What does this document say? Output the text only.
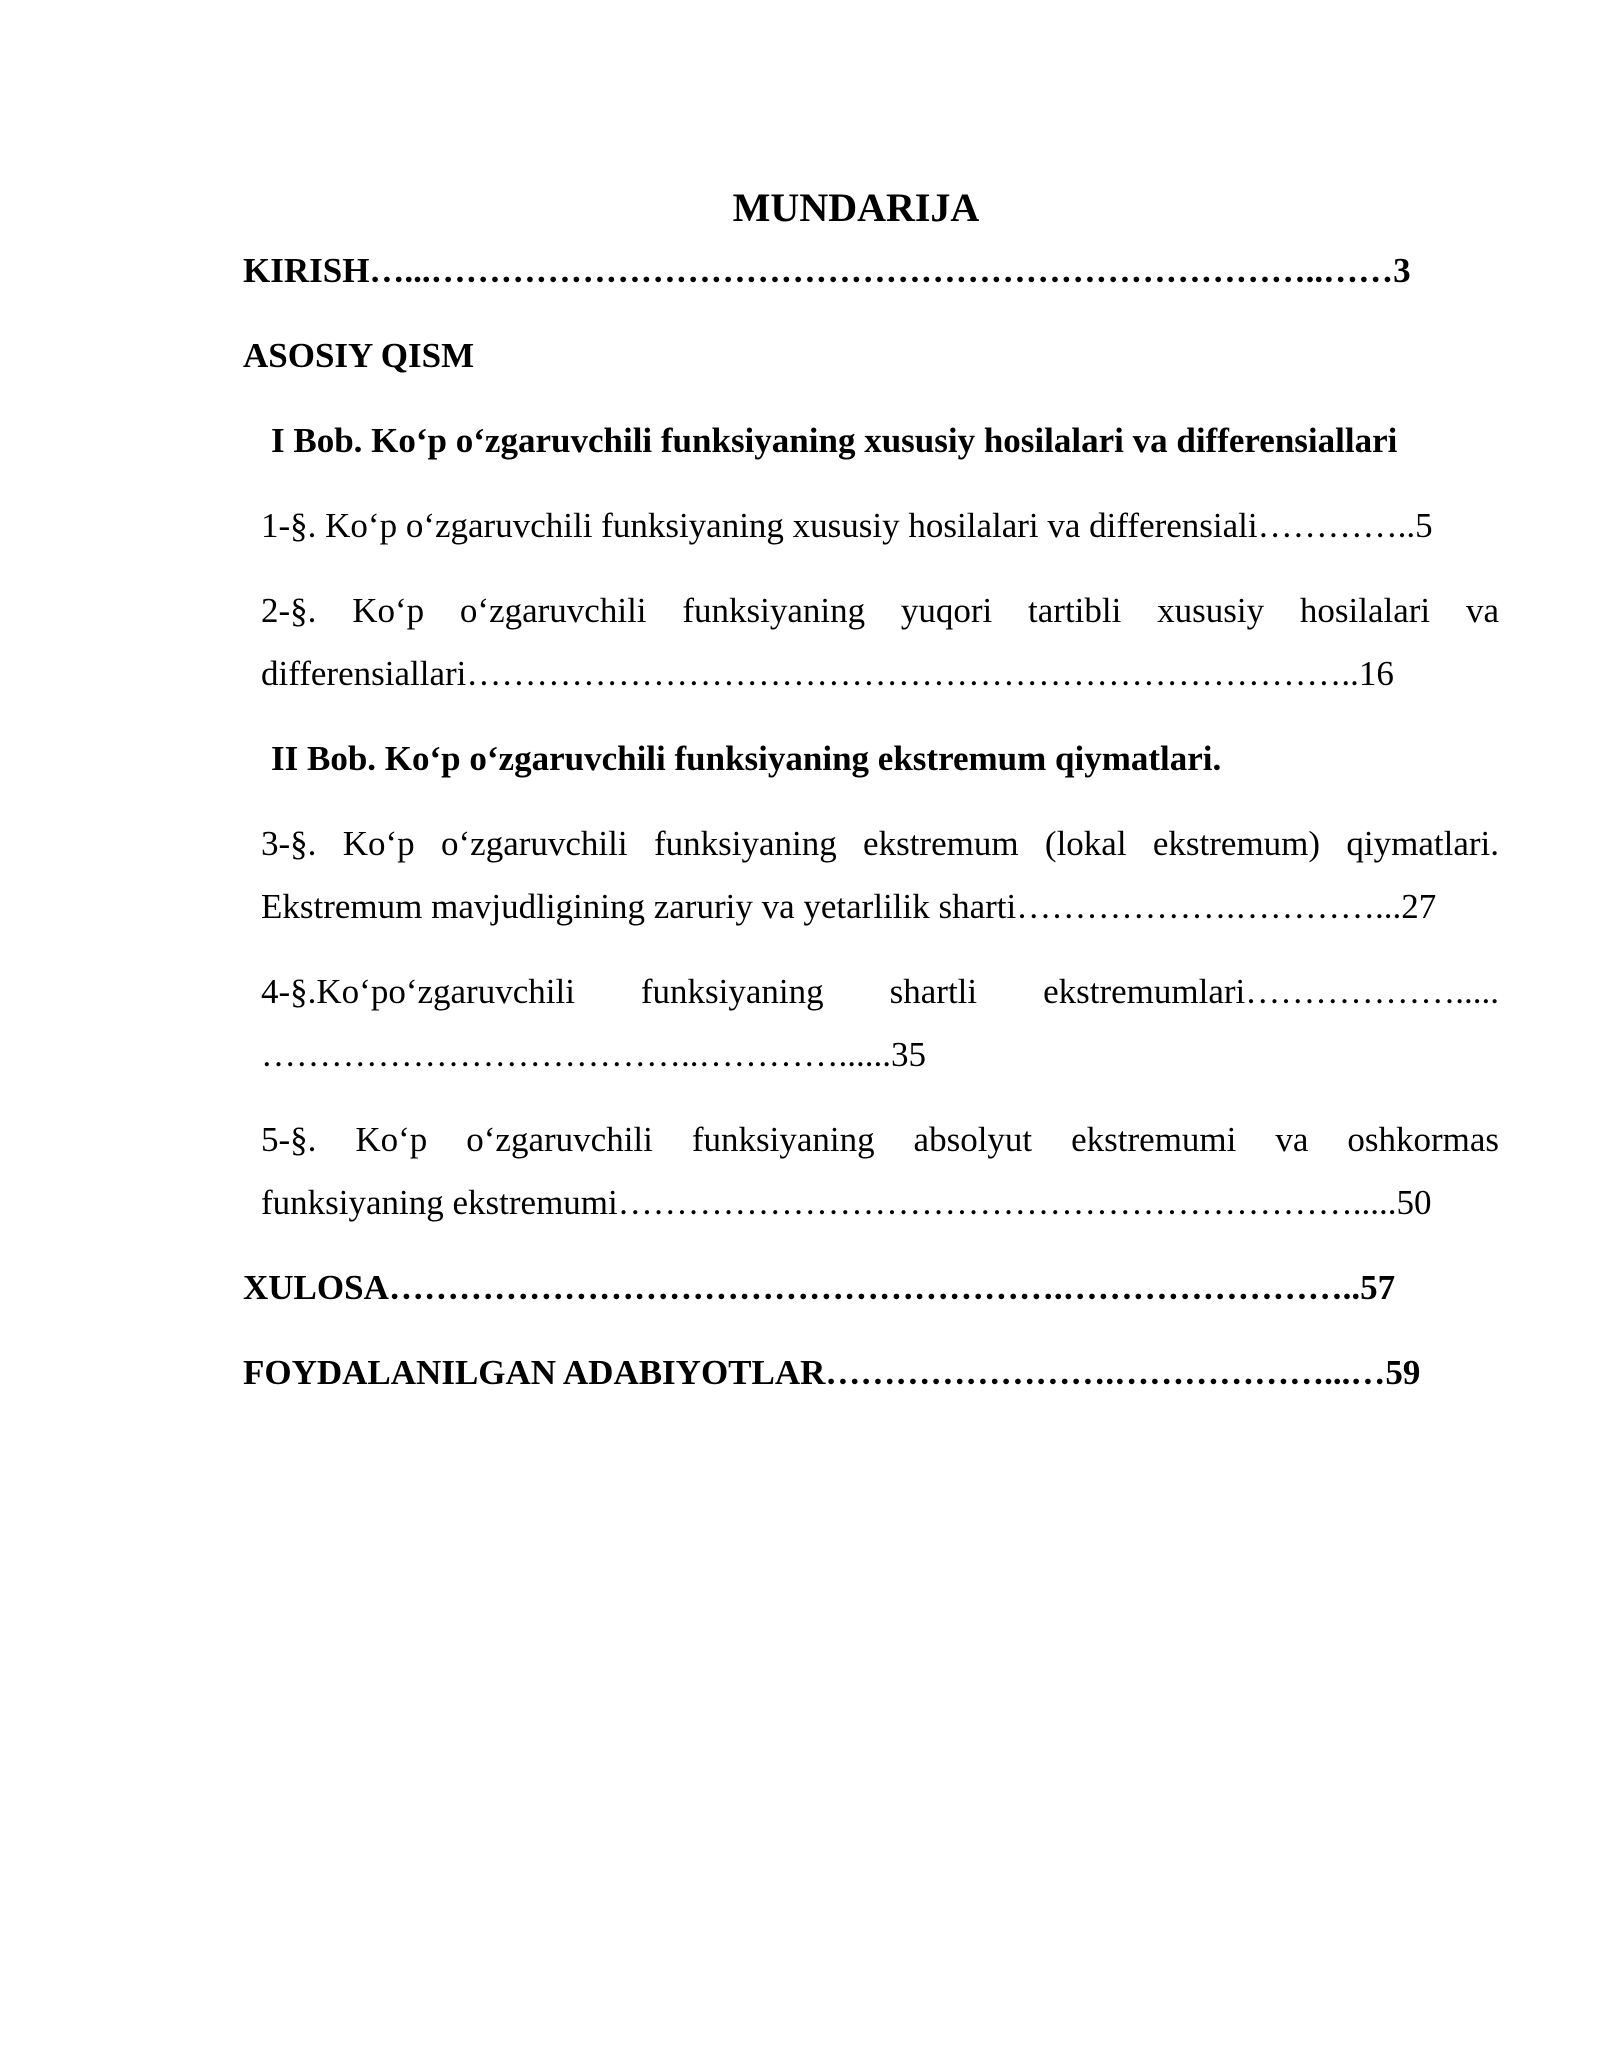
MUNDARIJA
KIRISH…...…………………………………………………………………..……3
ASOSIY QISM
I Bob. Ko‘p o‘zgaruvchili funksiyaning xususiy hosilalari va differensiallari
1-§. Ko‘p o‘zgaruvchili funksiyaning xususiy hosilalari va differensiali…………..5
2-§. Ko‘p o‘zgaruvchili funksiyaning yuqori tartibli xususiy hosilalari va
differensiallari…………………………………………………………………..16
II Bob. Ko‘p o‘zgaruvchili funksiyaning ekstremum qiymatlari.
3-§. Ko‘p o‘zgaruvchili funksiyaning ekstremum (lokal ekstremum) qiymatlari.
Ekstremum mavjudligining zaruriy va yetarlilik sharti……………….…………...27
4-§.Ko‘po‘zgaruvchili funksiyaning shartli ekstremumlari……………….....
………………………………..…………......35
5-§. Ko‘p o‘zgaruvchili funksiyaning absolyut ekstremumi va oshkormas
funksiyaning ekstremumi……………………………………………………….....50
XULOSA………………………………………………….……………………..57
FOYDALANILGAN ADABIYOTLAR…………………….………………...…59
